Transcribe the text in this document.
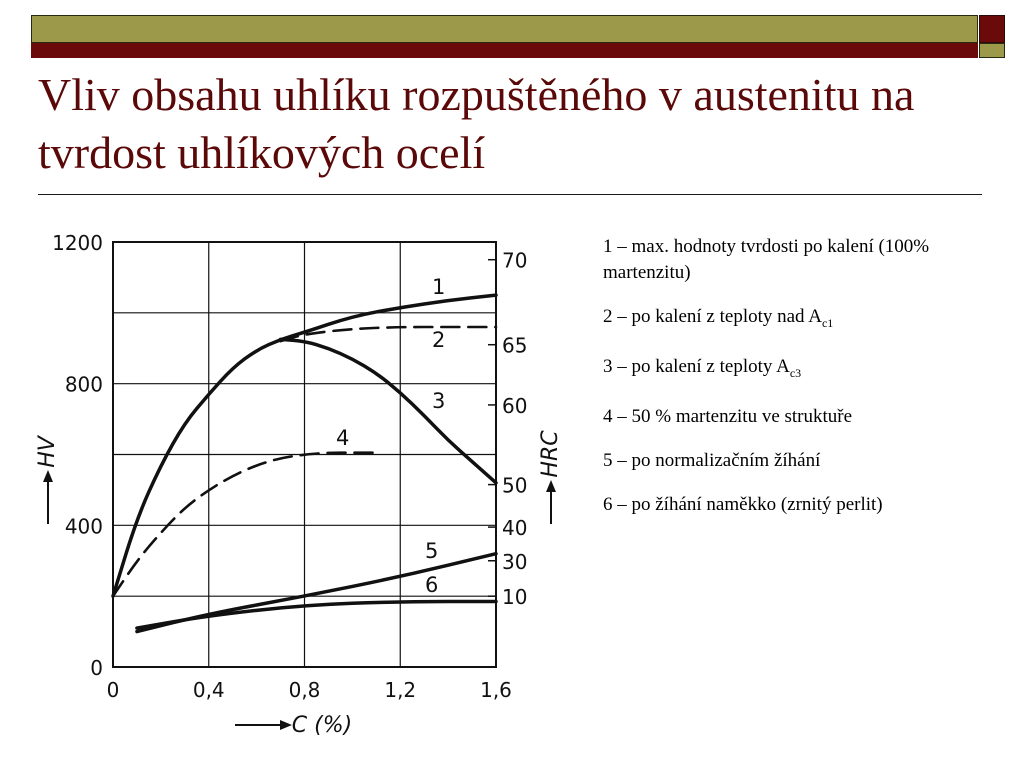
Vliv obsahu uhlíku rozpuštěného v austenitu na tvrdost uhlíkových ocelí
0	0,4	0,8	1,2	1,6
0
400
800
1200
70
65
60
50
40
30
10
C (%)
HV	HRC
1
2
3
4
5
6
1 – max. hodnoty tvrdosti po kalení (100% martenzitu)
2 – po kalení z teploty nad $A_{c1}$
3 – po kalení z teploty $A_{c3}$
4 – 50 % martenzitu ve struktuře
5 – po normalizačním žíhání
6 – po žíhání naměkko (zrnitý perlit)
